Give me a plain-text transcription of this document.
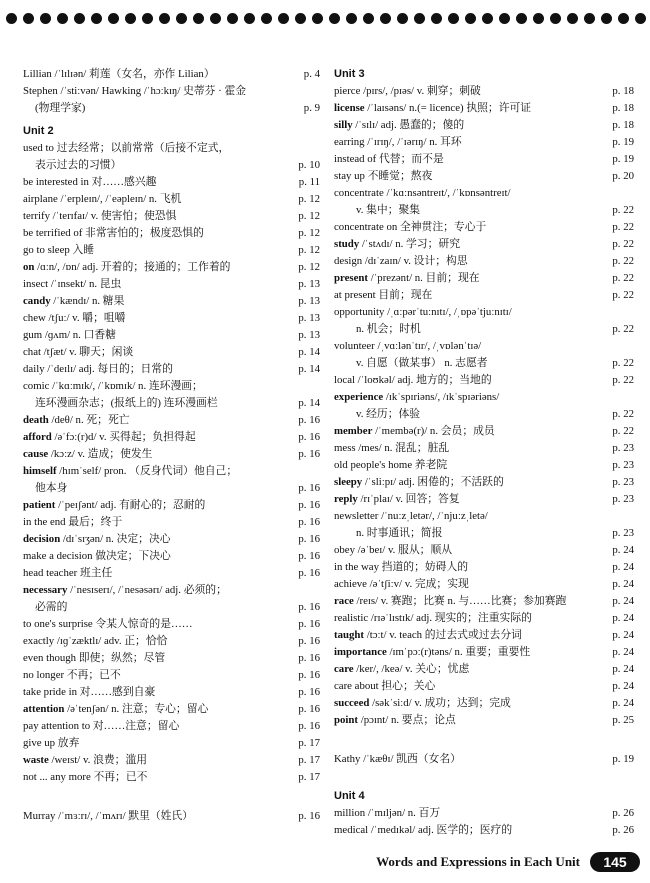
Lillian /ˈlɪlɪən/ 莉莲（女名，亦作 Lilian）	p. 4
Stephen /ˈstiːvən/ Hawking /ˈhɔːkɪŋ/ 史蒂芬 · 霍金
(物理学家)	p. 9
Unit 2
used to 过去经常；以前常常（后接不定式，
表示过去的习惯）	p. 10
be interested in 对……感兴趣	p. 11
airplane /ˈerpleɪn/, /ˈeəpleɪn/ n. 飞机	p. 12
terrify /ˈterɪfaɪ/ v. 使害怕；使恐惧	p. 12
be terrified of 非常害怕的；极度恐惧的	p. 12
go to sleep 入睡	p. 12
on /ɑːn/, /ɒn/ adj. 开着的；接通的；工作着的	p. 12
insect /ˈɪnsekt/ n. 昆虫	p. 13
candy /ˈkændɪ/ n. 糖果	p. 13
chew /tʃuː/ v. 嚼；咀嚼	p. 13
gum /ɡʌm/ n. 口香糖	p. 13
chat /tʃæt/ v. 聊天；闲谈	p. 14
daily /ˈdeɪlɪ/ adj. 每日的；日常的	p. 14
comic /ˈkɑːmɪk/, /ˈkɒmɪk/ n. 连环漫画；
连环漫画杂志；(报纸上的) 连环漫画栏	p. 14
death /deθ/ n. 死；死亡	p. 16
afford /əˈfɔː(r)d/ v. 买得起；负担得起	p. 16
cause /kɔːz/ v. 造成；使发生	p. 16
himself /hɪmˈself/ pron. （反身代词）他自己；
他本身	p. 16
patient /ˈpeɪʃənt/ adj. 有耐心的；忍耐的	p. 16
in the end 最后；终于	p. 16
decision /dɪˈsɪʒən/ n. 决定；决心	p. 16
make a decision 做决定；下决心	p. 16
head teacher 班主任	p. 16
necessary /ˈnesɪserɪ/, /ˈnesəsərɪ/ adj. 必须的；
必需的	p. 16
to one's surprise 令某人惊奇的是……	p. 16
exactly /ɪɡˈzæktlɪ/ adv. 正；恰恰	p. 16
even though 即使；纵然；尽管	p. 16
no longer 不再；已不	p. 16
take pride in 对……感到自豪	p. 16
attention /əˈtenʃən/ n. 注意；专心；留心	p. 16
pay attention to 对……注意；留心	p. 16
give up 放弃	p. 17
waste /weɪst/ v. 浪费；滥用	p. 17
not ... any more 不再；已不	p. 17
Murray /ˈmɜːrɪ/, /ˈmʌrɪ/ 默里（姓氏）	p. 16
Unit 3
pierce /pɪrs/, /pɪəs/ v. 刺穿；刺破	p. 18
license /ˈlaɪsəns/ n.(= licence) 执照；许可证	p. 18
silly /ˈsɪlɪ/ adj. 愚蠢的；傻的	p. 18
earring /ˈɪrɪŋ/, /ˈɪərɪŋ/ n. 耳环	p. 19
instead of 代替；而不是	p. 19
stay up 不睡觉；熬夜	p. 20
concentrate /ˈkɑːnsəntreɪt/, /ˈkɒnsəntreɪt/
v. 集中；聚集	p. 22
concentrate on 全神贯注；专心于	p. 22
study /ˈstʌdɪ/ n. 学习；研究	p. 22
design /dɪˈzaɪn/ v. 设计；构思	p. 22
present /ˈprezənt/ n. 目前；现在	p. 22
at present 目前；现在	p. 22
opportunity /ˌɑːpərˈtuːnɪtɪ/, /ˌɒpəˈtjuːnɪtɪ/
n. 机会；时机	p. 22
volunteer /ˌvɑːlənˈtɪr/, /ˌvɒlənˈtɪə/
v. 自愿（做某事） n. 志愿者	p. 22
local /ˈloʊkəl/ adj. 地方的；当地的	p. 22
experience /ɪkˈspɪriəns/, /ɪkˈspɪəriəns/
v. 经历；体验	p. 22
member /ˈmembə(r)/ n. 会员；成员	p. 22
mess /mes/ n. 混乱；脏乱	p. 23
old people's home 养老院	p. 23
sleepy /ˈsliːpɪ/ adj. 困倦的；不活跃的	p. 23
reply /rɪˈplaɪ/ v. 回答；答复	p. 23
newsletter /ˈnuːzˌletər/, /ˈnjuːzˌletə/
n. 时事通讯；简报	p. 23
obey /əˈbeɪ/ v. 服从；顺从	p. 24
in the way 挡道的；妨碍人的	p. 24
achieve /əˈtʃiːv/ v. 完成；实现	p. 24
race /reɪs/ v. 赛跑；比赛 n. 与……比赛；参加赛跑	p. 24
realistic /rɪəˈlɪstɪk/ adj. 现实的；注重实际的	p. 24
taught /tɔːt/ v. teach 的过去式或过去分词	p. 24
importance /ɪmˈpɔː(r)təns/ n. 重要；重要性	p. 24
care /ker/, /keə/ v. 关心；忧虑	p. 24
care about 担心；关心	p. 24
succeed /səkˈsiːd/ v. 成功；达到；完成	p. 24
point /pɔɪnt/ n. 要点；论点	p. 25
Kathy /ˈkæθɪ/ 凯西（女名）	p. 19
Unit 4
million /ˈmɪljən/ n. 百万	p. 26
medical /ˈmedɪkəl/ adj. 医学的；医疗的	p. 26
Words and Expressions in Each Unit	145
